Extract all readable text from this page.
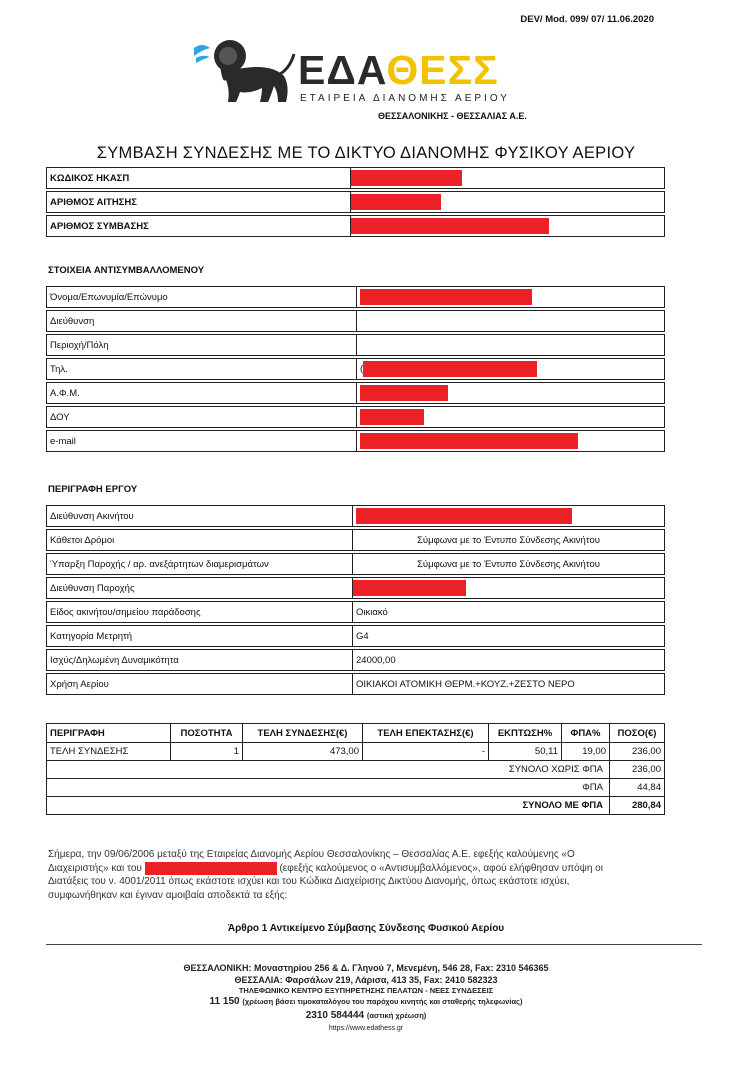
DEV/ Mod. 099/ 07/ 11.06.2020
ΕΔΑΘΕΣΣ
ΕΤΑΙΡΕΙΑ ΔΙΑΝΟΜΗΣ ΑΕΡΙΟΥ
ΘΕΣΣΑΛΟΝΙΚΗΣ - ΘΕΣΣΑΛΙΑΣ Α.Ε.
ΣΥΜΒΑΣΗ ΣΥΝΔΕΣΗΣ ΜΕ ΤΟ ΔΙΚΤΥΟ ΔΙΑΝΟΜΗΣ ΦΥΣΙΚΟΥ ΑΕΡΙΟΥ
ΚΩΔΙΚΟΣ ΗΚΑΣΠ	

ΑΡΙΘΜΟΣ ΑΙΤΗΣΗΣ	

ΑΡΙΘΜΟΣ ΣΥΜΒΑΣΗΣ	
ΣΤΟΙΧΕΙΑ ΑΝΤΙΣΥΜΒΑΛΛΟΜΕΝΟΥ
Όνομα/Επωνυμία/Επώνυμο	

Διεύθυνση	

Περιοχή/Πόλη	

Τηλ.	(

Α.Φ.Μ.	

ΔΟΥ	

e-mail	
ΠΕΡΙΓΡΑΦΗ ΕΡΓΟΥ
Διεύθυνση Ακινήτου	

Κάθετοι Δρόμοι	Σύμφωνα με το Έντυπο Σύνδεσης Ακινήτου

Ύπαρξη Παροχής / αρ. ανεξάρτητων διαμερισμάτων	Σύμφωνα με το Έντυπο Σύνδεσης Ακινήτου

Διεύθυνση Παροχής	

Είδος ακινήτου/σημείου παράδοσης	Οικιακό

Κατηγορία Μετρητή	G4

Ισχύς/Δηλωμένη Δυναμικότητα	24000,00

Χρήση Αερίου	ΟΙΚΙΑΚΟΙ ΑΤΟΜΙΚΗ ΘΕΡΜ.+ΚΟΥΖ.+ΖΕΣΤΟ ΝΕΡΟ
ΠΕΡΙΓΡΑΦΗ	ΠΟΣΟΤΗΤΑ	ΤΕΛΗ ΣΥΝΔΕΣΗΣ(€)	ΤΕΛΗ ΕΠΕΚΤΑΣΗΣ(€)	ΕΚΠΤΩΣΗ%	ΦΠΑ%	ΠΟΣΟ(€)
ΤΕΛΗ ΣΥΝΔΕΣΗΣ	1	473,00	-	50,11	19,00	236,00
ΣΥΝΟΛΟ ΧΩΡΙΣ ΦΠΑ						236,00
ΦΠΑ						44,84
ΣΥΝΟΛΟ ΜΕ ΦΠΑ						280,84
Σήμερα, την 09/06/2006 μεταξύ της Εταιρείας Διανομής Αερίου Θεσσαλονίκης – Θεσσαλίας Α.Ε. εφεξής καλούμενης «Ο
Διαχειριστής» και του	(εφεξής καλούμενος ο «Αντισυμβαλλόμενος», αφού ελήφθησαν υπόψη οι
Διατάξεις του ν. 4001/2011 όπως εκάστοτε ισχύει και του Κώδικα Διαχείρισης Δικτύου Διανομής, όπως εκάστοτε ισχύει,
συμφωνήθηκαν και έγιναν αμοιβαία αποδεκτά τα εξής:
Άρθρο 1 Αντικείμενο Σύμβασης Σύνδεσης Φυσικού Αερίου
ΘΕΣΣΑΛΟΝΙΚΗ: Μοναστηρίου 256 & Δ. Γληνού 7, Μενεμένη, 546 28, Fax: 2310 546365
ΘΕΣΣΑΛΙΑ: Φαρσάλων 219, Λάρισα, 413 35, Fax: 2410 582323
ΤΗΛΕΦΩΝΙΚΟ ΚΕΝΤΡΟ ΕΞΥΠΗΡΕΤΗΣΗΣ ΠΕΛΑΤΩΝ - ΝΕΕΣ ΣΥΝΔΕΣΕΙΣ
11 150 (χρέωση βάσει τιμοκαταλόγου του παρόχου κινητής και σταθερής τηλεφωνίας)
2310 584444 (αστική χρέωση)
https://www.edathess.gr
